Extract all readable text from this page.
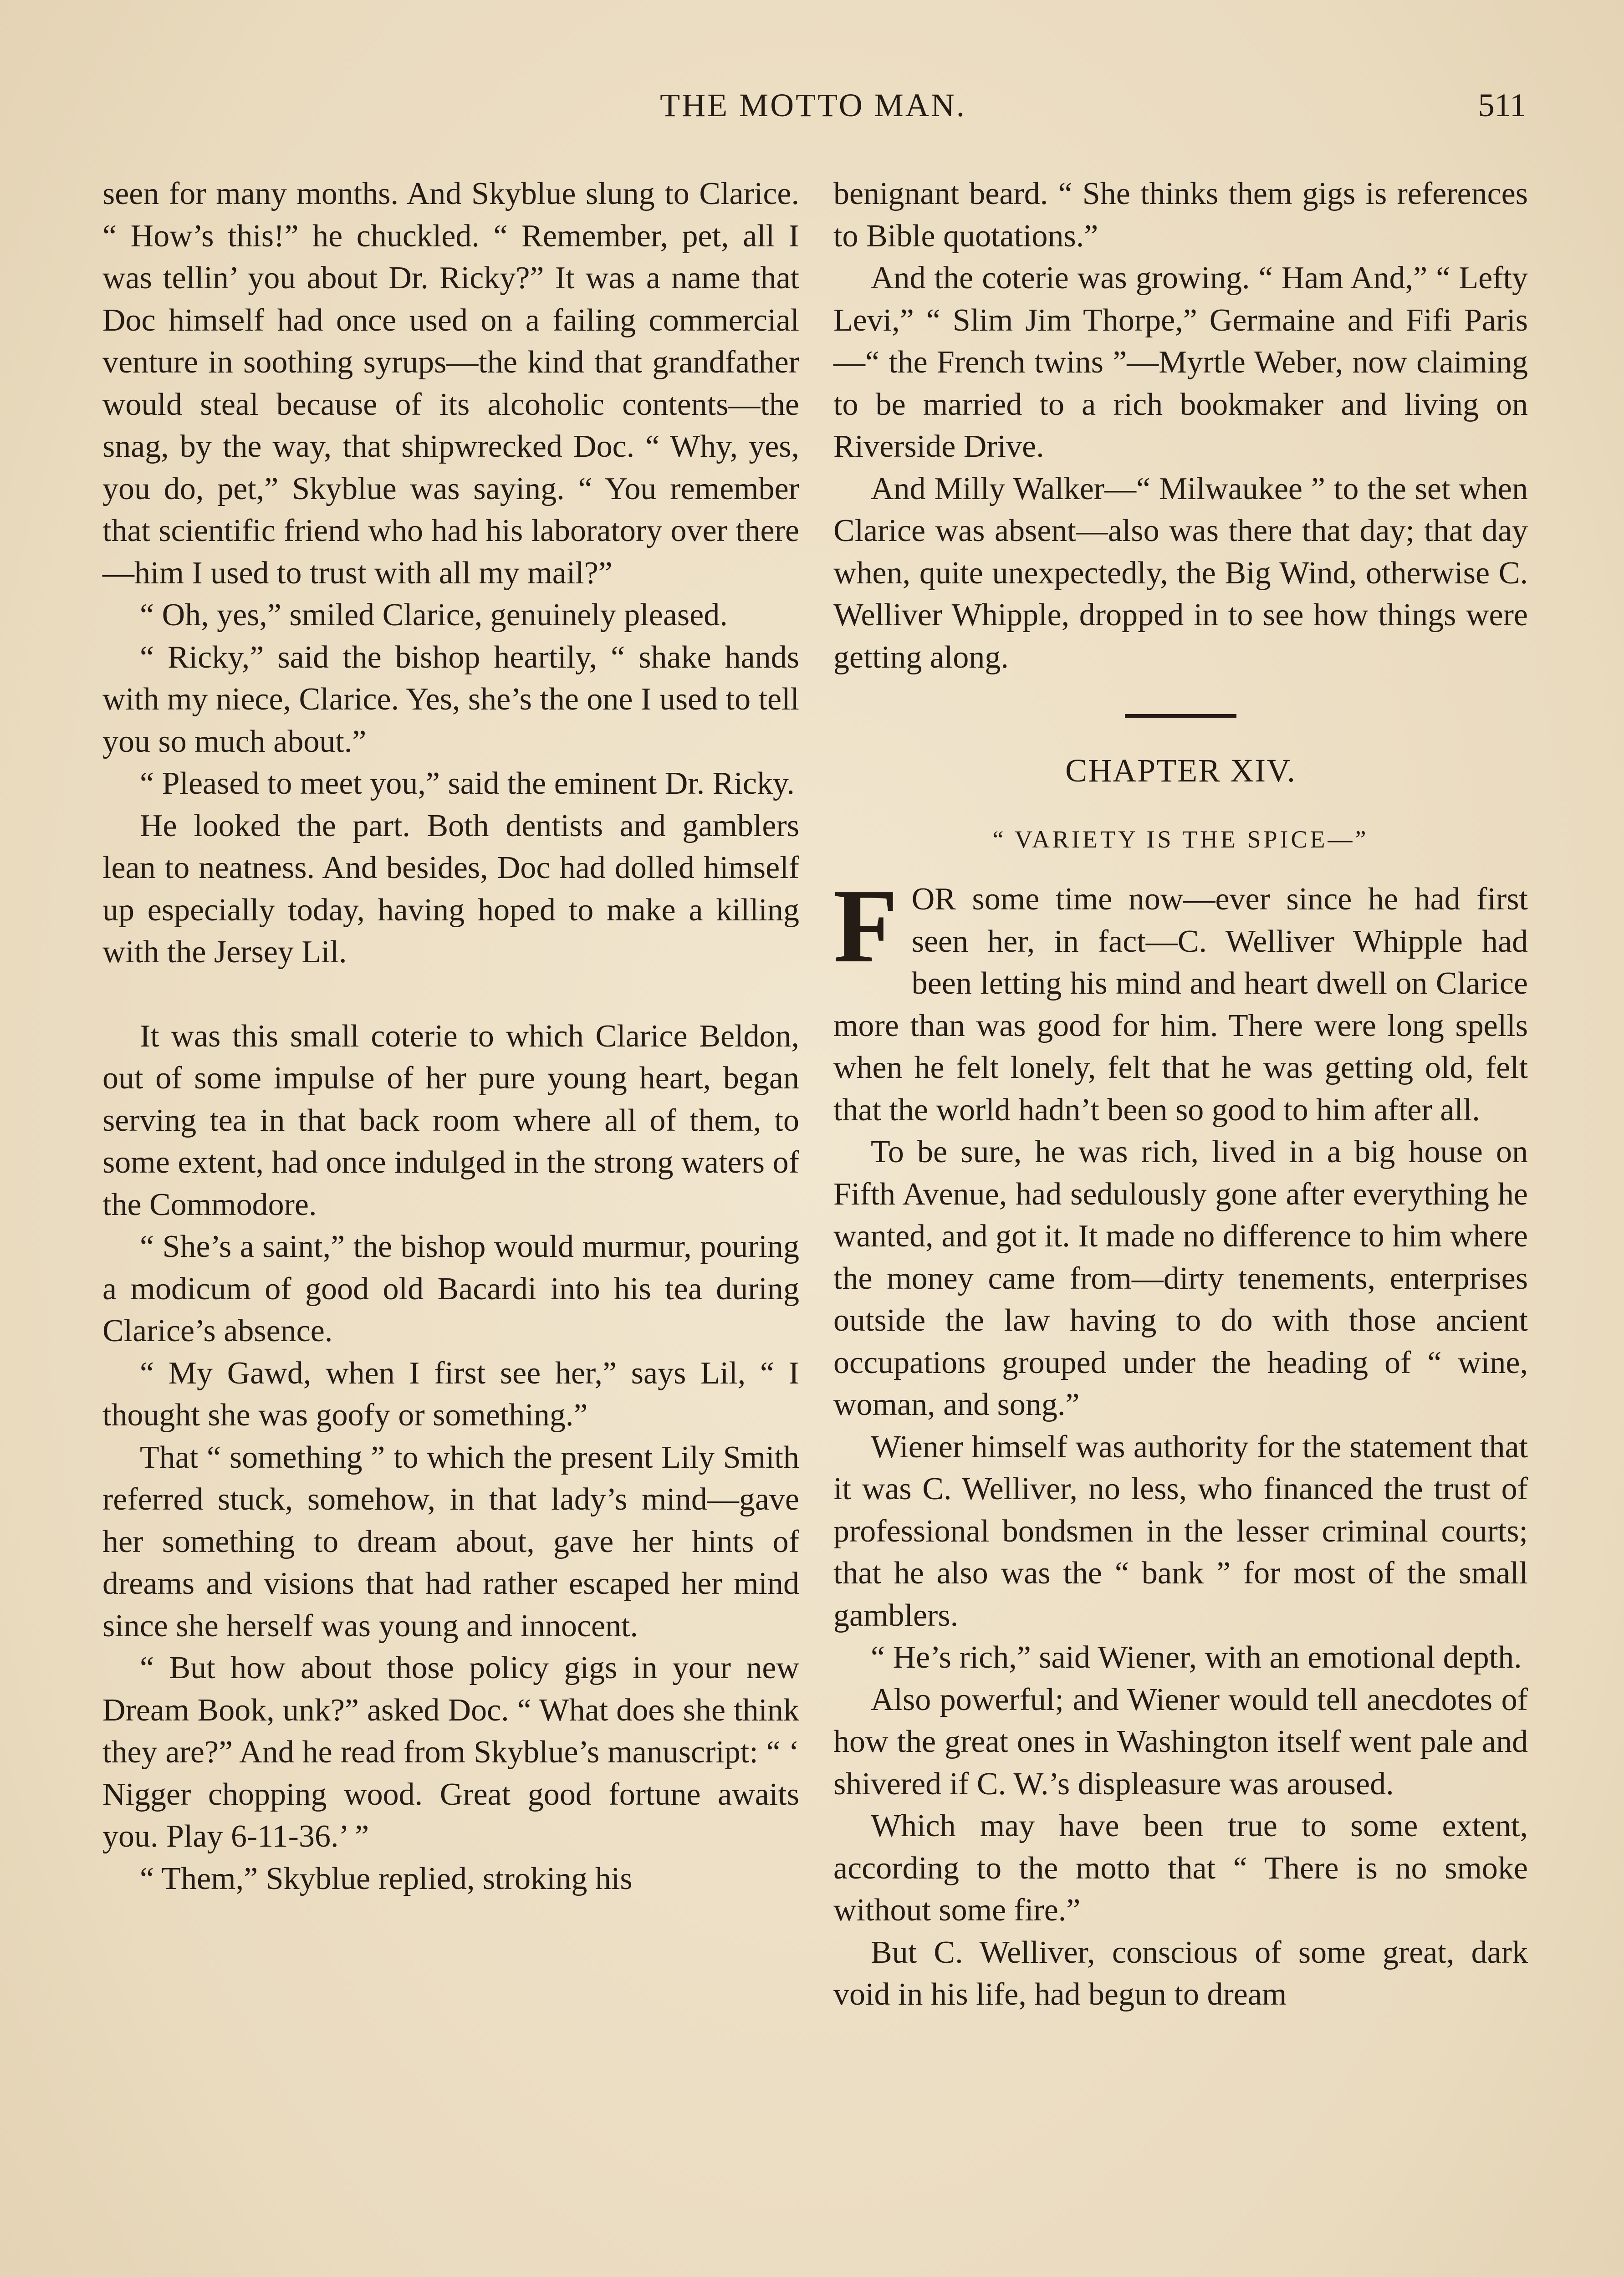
THE MOTTO MAN.	511

seen for many months. And Skyblue slung to Clarice. “ How’s this!” he chuckled. “ Remember, pet, all I was tellin’ you about Dr. Ricky?” It was a name that Doc himself had once used on a failing commercial venture in soothing syrups—the kind that grandfather would steal because of its alcoholic contents—the snag, by the way, that shipwrecked Doc. “ Why, yes, you do, pet,” Skyblue was saying. “ You remember that scientific friend who had his laboratory over there—him I used to trust with all my mail?”

“ Oh, yes,” smiled Clarice, genuinely pleased.

“ Ricky,” said the bishop heartily, “ shake hands with my niece, Clarice. Yes, she’s the one I used to tell you so much about.”

“ Pleased to meet you,” said the eminent Dr. Ricky.

He looked the part. Both dentists and gamblers lean to neatness. And besides, Doc had dolled himself up especially today, having hoped to make a killing with the Jersey Lil.

It was this small coterie to which Clarice Beldon, out of some impulse of her pure young heart, began serving tea in that back room where all of them, to some extent, had once indulged in the strong waters of the Commodore.

“ She’s a saint,” the bishop would murmur, pouring a modicum of good old Bacardi into his tea during Clarice’s absence.

“ My Gawd, when I first see her,” says Lil, “ I thought she was goofy or something.”

That “ something ” to which the present Lily Smith referred stuck, somehow, in that lady’s mind—gave her something to dream about, gave her hints of dreams and visions that had rather escaped her mind since she herself was young and innocent.

“ But how about those policy gigs in your new Dream Book, unk?” asked Doc. “ What does she think they are?” And he read from Skyblue’s manuscript: “ ‘ Nigger chopping wood. Great good fortune awaits you. Play 6-11-36.’ ”

“ Them,” Skyblue replied, stroking his

benignant beard. “ She thinks them gigs is references to Bible quotations.”

And the coterie was growing. “ Ham And,” “ Lefty Levi,” “ Slim Jim Thorpe,” Germaine and Fifi Paris—“ the French twins ”—Myrtle Weber, now claiming to be married to a rich bookmaker and living on Riverside Drive.

And Milly Walker—“ Milwaukee ” to the set when Clarice was absent—also was there that day; that day when, quite unexpectedly, the Big Wind, otherwise C. Welliver Whipple, dropped in to see how things were getting along.

CHAPTER XIV.
“ VARIETY IS THE SPICE—”

F OR some time now—ever since he had first seen her, in fact—C. Welliver Whipple had been letting his mind and heart dwell on Clarice more than was good for him. There were long spells when he felt lonely, felt that he was getting old, felt that the world hadn’t been so good to him after all.

To be sure, he was rich, lived in a big house on Fifth Avenue, had sedulously gone after everything he wanted, and got it. It made no difference to him where the money came from—dirty tenements, enterprises outside the law having to do with those ancient occupations grouped under the heading of “ wine, woman, and song.”

Wiener himself was authority for the statement that it was C. Welliver, no less, who financed the trust of professional bondsmen in the lesser criminal courts; that he also was the “ bank ” for most of the small gamblers.

“ He’s rich,” said Wiener, with an emotional depth.

Also powerful; and Wiener would tell anecdotes of how the great ones in Washington itself went pale and shivered if C. W.’s displeasure was aroused.

Which may have been true to some extent, according to the motto that “ There is no smoke without some fire.”

But C. Welliver, conscious of some great, dark void in his life, had begun to dream
